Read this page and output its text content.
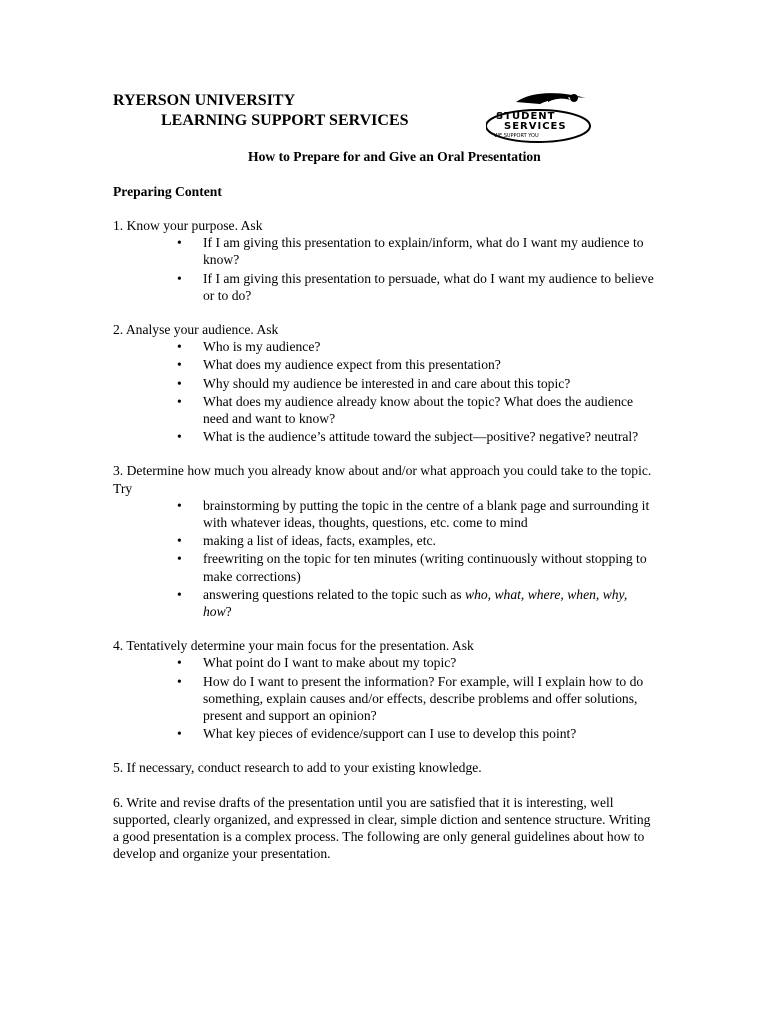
RYERSON UNIVERSITY
LEARNING SUPPORT SERVICES	STUDENT
SERVICES
WE SUPPORT YOU
How to Prepare for and Give an Oral Presentation
Preparing Content

1. Know your purpose. Ask

• If I am giving this presentation to explain/inform, what do I want my audience to know?
• If I am giving this presentation to persuade, what do I want my audience to believe or to do?

2. Analyse your audience. Ask

• Who is my audience?
• What does my audience expect from this presentation?
• Why should my audience be interested in and care about this topic?
• What does my audience already know about the topic? What does the audience need and want to know?
• What is the audience’s attitude toward the subject—positive? negative? neutral?

3. Determine how much you already know about and/or what approach you could take to the topic. Try

• brainstorming by putting the topic in the centre of a blank page and surrounding it with whatever ideas, thoughts, questions, etc. come to mind
• making a list of ideas, facts, examples, etc.
• freewriting on the topic for ten minutes (writing continuously without stopping to make corrections)
• answering questions related to the topic such as who, what, where, when, why, how?

4. Tentatively determine your main focus for the presentation. Ask

• What point do I want to make about my topic?
• How do I want to present the information? For example, will I explain how to do something, explain causes and/or effects, describe problems and offer solutions, present and support an opinion?
• What key pieces of evidence/support can I use to develop this point?

5. If necessary, conduct research to add to your existing knowledge.

6. Write and revise drafts of the presentation until you are satisfied that it is interesting, well supported, clearly organized, and expressed in clear, simple diction and sentence structure. Writing a good presentation is a complex process. The following are only general guidelines about how to develop and organize your presentation.
